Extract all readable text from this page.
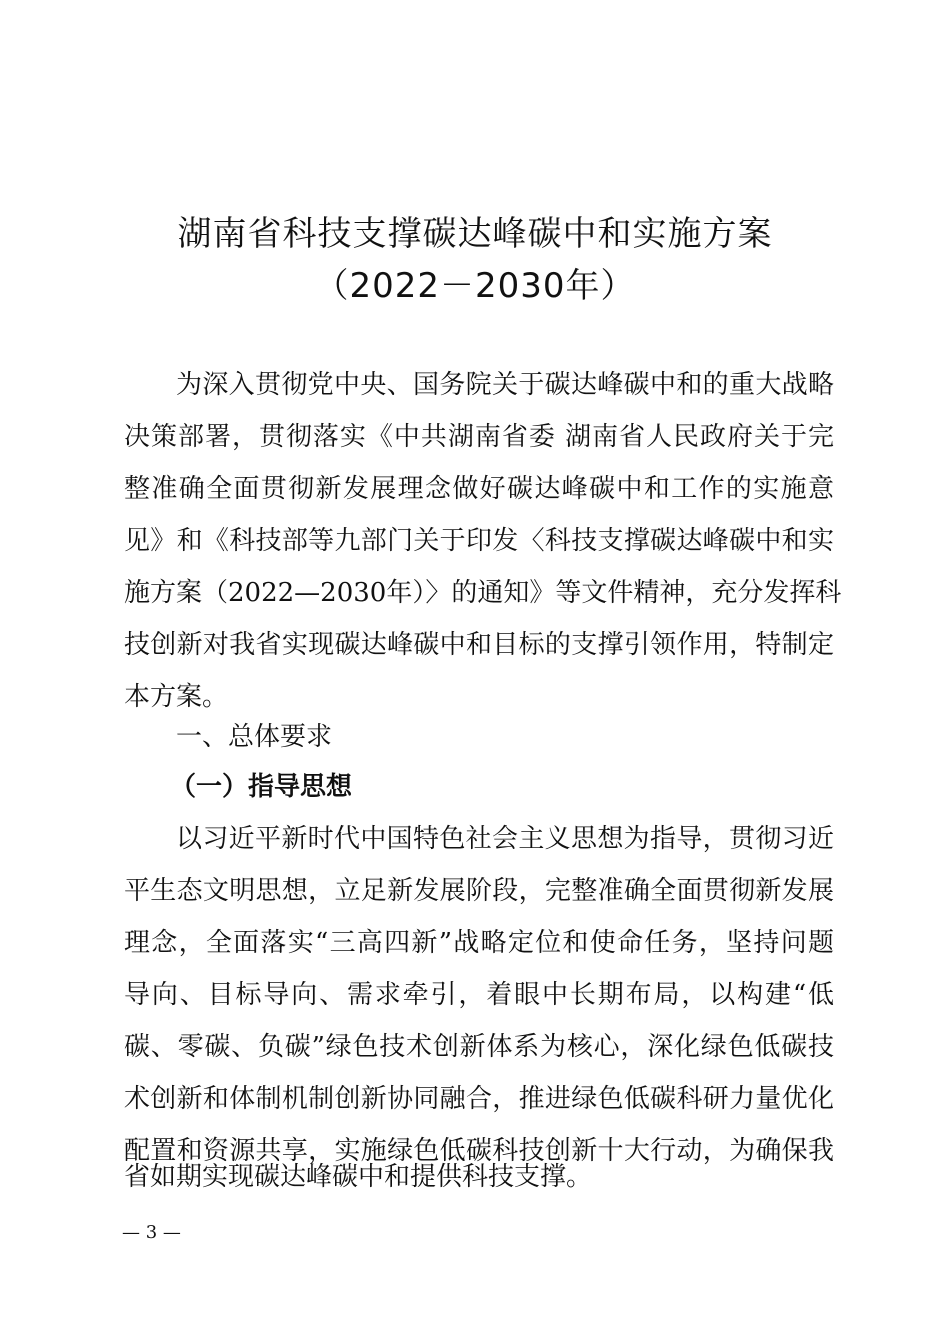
湖南省科技支撑碳达峰碳中和实施方案
（2022－2030年）
为深入贯彻党中央、国务院关于碳达峰碳中和的重大战略
决策部署，贯彻落实《中共湖南省委 湖南省人民政府关于完
整准确全面贯彻新发展理念做好碳达峰碳中和工作的实施意
见》和《科技部等九部门关于印发〈科技支撑碳达峰碳中和实
施方案（2022—2030年）〉的通知》等文件精神，充分发挥科
技创新对我省实现碳达峰碳中和目标的支撑引领作用，特制定
本方案。
一、总体要求
（一）指导思想
以习近平新时代中国特色社会主义思想为指导，贯彻习近
平生态文明思想，立足新发展阶段，完整准确全面贯彻新发展
理念，全面落实“三高四新”战略定位和使命任务，坚持问题
导向、目标导向、需求牵引，着眼中长期布局，以构建“低
碳、零碳、负碳”绿色技术创新体系为核心，深化绿色低碳技
术创新和体制机制创新协同融合，推进绿色低碳科研力量优化
配置和资源共享，实施绿色低碳科技创新十大行动，为确保我
省如期实现碳达峰碳中和提供科技支撑。
— 3 —
